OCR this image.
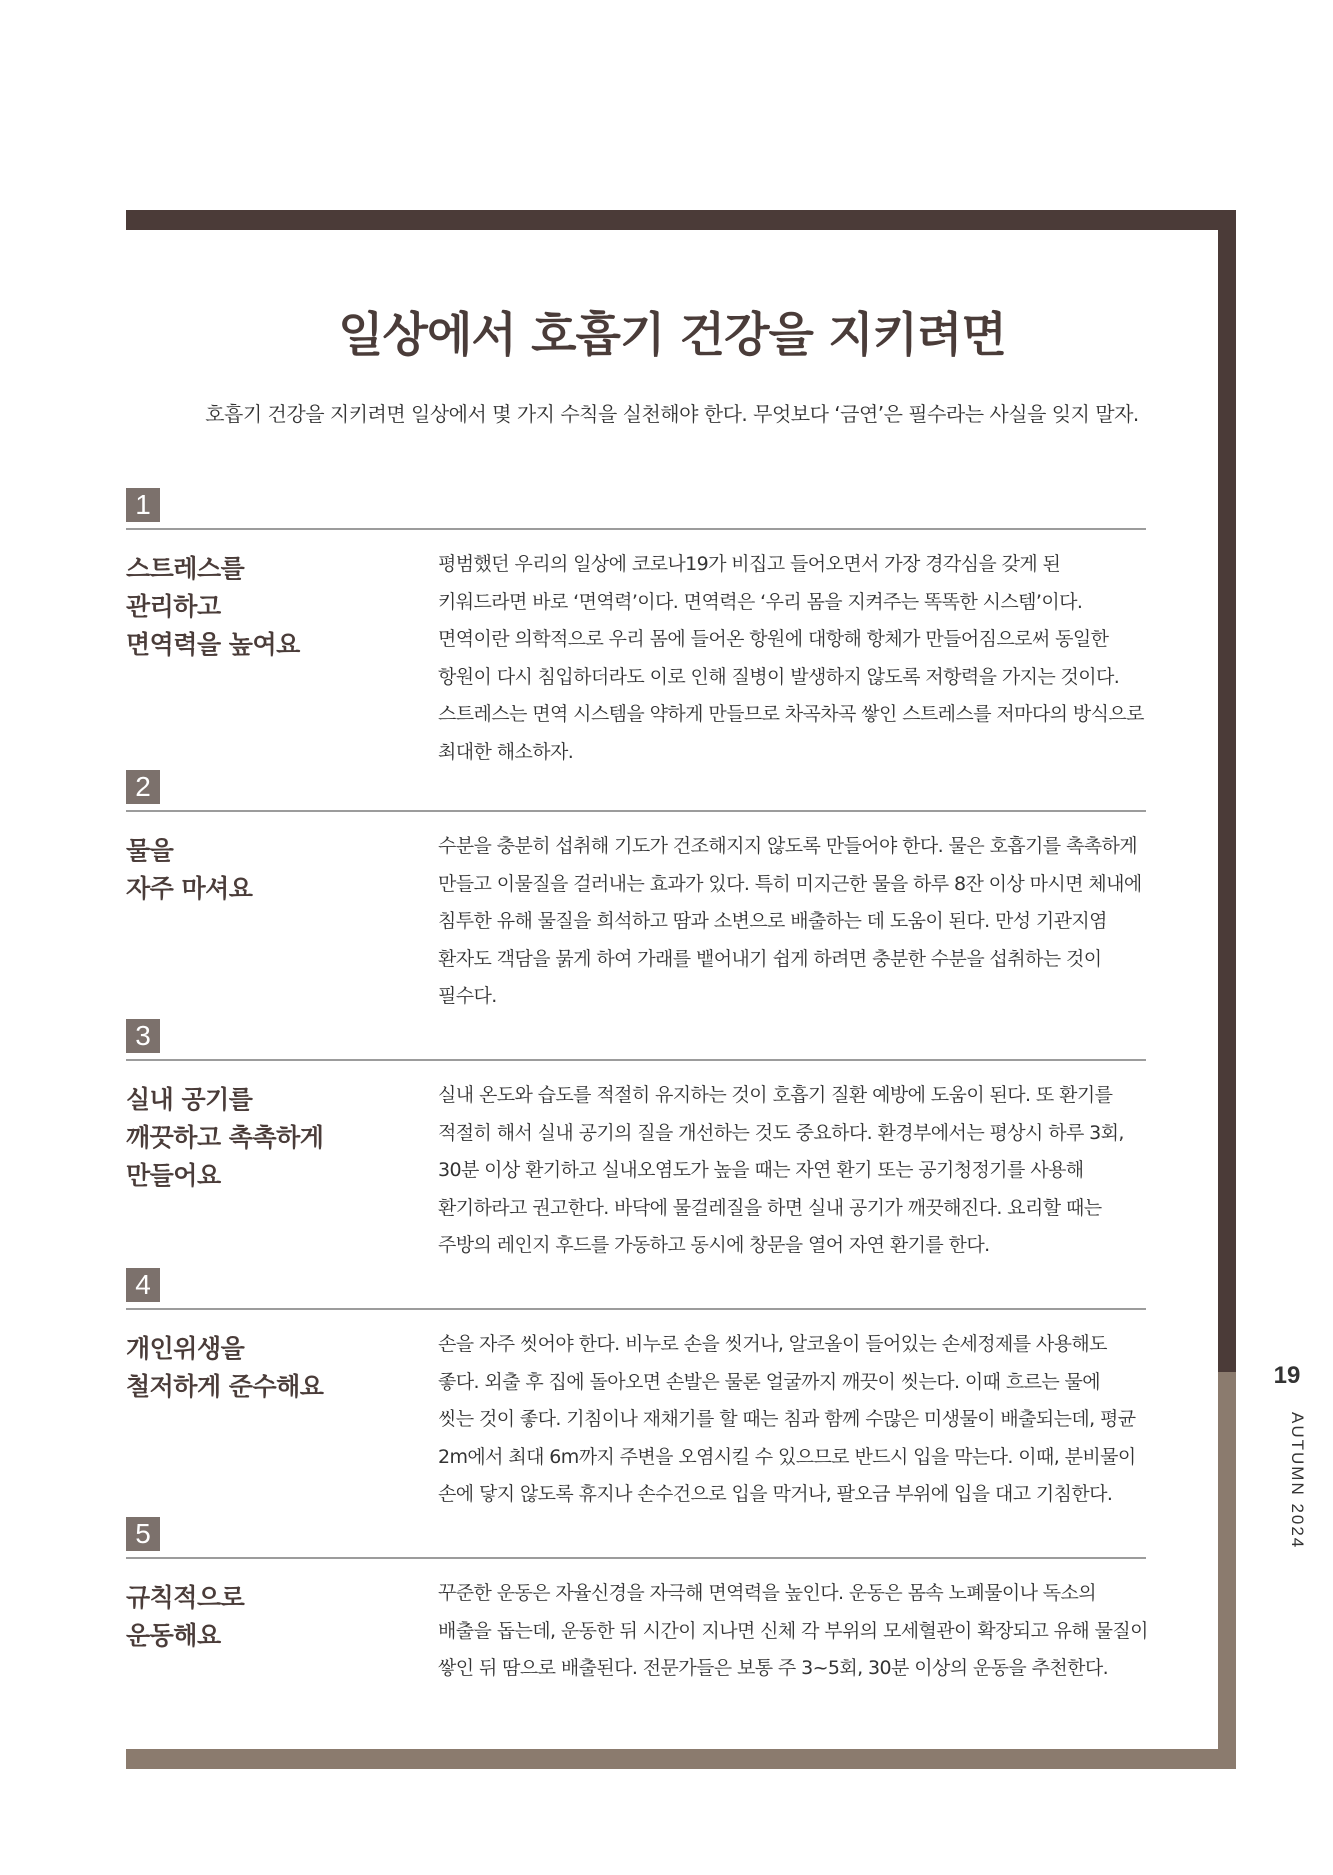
일상에서 호흡기 건강을 지키려면

호흡기 건강을 지키려면 일상에서 몇 가지 수칙을 실천해야 한다. 무엇보다 ‘금연’은 필수라는 사실을 잊지 말자.

1
스트레스를
관리하고
면역력을 높여요
평범했던 우리의 일상에 코로나19가 비집고 들어오면서 가장 경각심을 갖게 된
키워드라면 바로 ‘면역력’이다. 면역력은 ‘우리 몸을 지켜주는 똑똑한 시스템’이다.
면역이란 의학적으로 우리 몸에 들어온 항원에 대항해 항체가 만들어짐으로써 동일한
항원이 다시 침입하더라도 이로 인해 질병이 발생하지 않도록 저항력을 가지는 것이다.
스트레스는 면역 시스템을 약하게 만들므로 차곡차곡 쌓인 스트레스를 저마다의 방식으로
최대한 해소하자.
2
물을
자주 마셔요
수분을 충분히 섭취해 기도가 건조해지지 않도록 만들어야 한다. 물은 호흡기를 촉촉하게
만들고 이물질을 걸러내는 효과가 있다. 특히 미지근한 물을 하루 8잔 이상 마시면 체내에
침투한 유해 물질을 희석하고 땀과 소변으로 배출하는 데 도움이 된다. 만성 기관지염
환자도 객담을 묽게 하여 가래를 뱉어내기 쉽게 하려면 충분한 수분을 섭취하는 것이
필수다.
3
실내 공기를
깨끗하고 촉촉하게
만들어요
실내 온도와 습도를 적절히 유지하는 것이 호흡기 질환 예방에 도움이 된다. 또 환기를
적절히 해서 실내 공기의 질을 개선하는 것도 중요하다. 환경부에서는 평상시 하루 3회,
30분 이상 환기하고 실내오염도가 높을 때는 자연 환기 또는 공기청정기를 사용해
환기하라고 권고한다. 바닥에 물걸레질을 하면 실내 공기가 깨끗해진다. 요리할 때는
주방의 레인지 후드를 가동하고 동시에 창문을 열어 자연 환기를 한다.
4
개인위생을
철저하게 준수해요
손을 자주 씻어야 한다. 비누로 손을 씻거나, 알코올이 들어있는 손세정제를 사용해도
좋다. 외출 후 집에 돌아오면 손발은 물론 얼굴까지 깨끗이 씻는다. 이때 흐르는 물에
씻는 것이 좋다. 기침이나 재채기를 할 때는 침과 함께 수많은 미생물이 배출되는데, 평균
2m에서 최대 6m까지 주변을 오염시킬 수 있으므로 반드시 입을 막는다. 이때, 분비물이
손에 닿지 않도록 휴지나 손수건으로 입을 막거나, 팔오금 부위에 입을 대고 기침한다.
5
규칙적으로
운동해요
꾸준한 운동은 자율신경을 자극해 면역력을 높인다. 운동은 몸속 노폐물이나 독소의
배출을 돕는데, 운동한 뒤 시간이 지나면 신체 각 부위의 모세혈관이 확장되고 유해 물질이
쌓인 뒤 땀으로 배출된다. 전문가들은 보통 주 3~5회, 30분 이상의 운동을 추천한다.
19
AUTUMN 2024
